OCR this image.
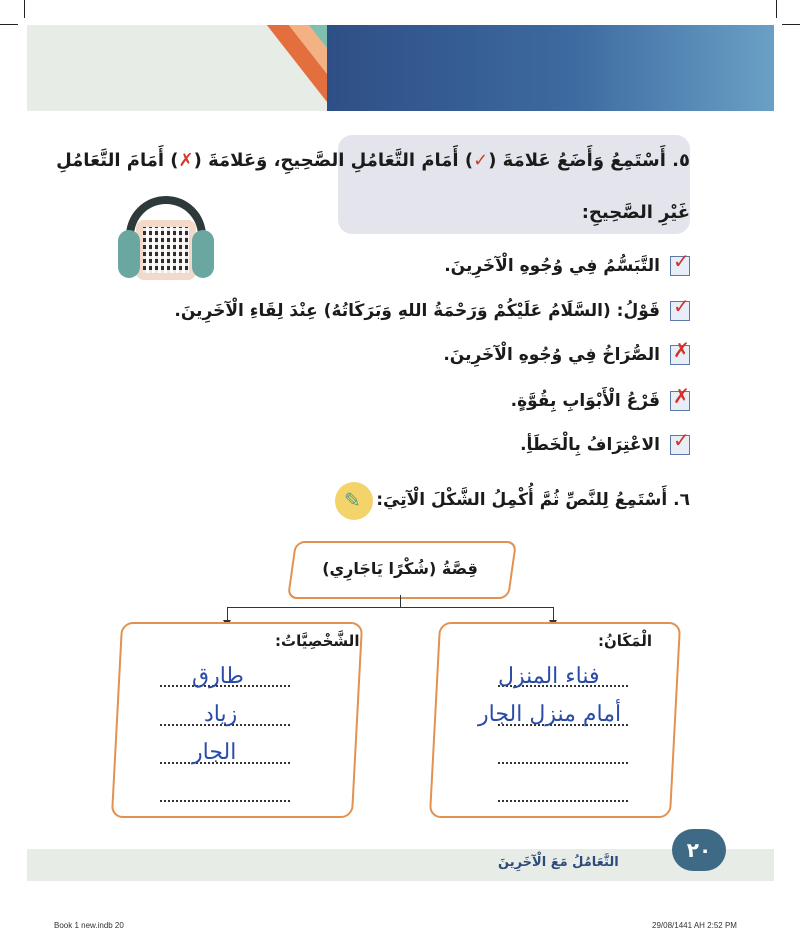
٥. أَسْتَمِعُ وَأَضَعُ عَلامَةَ (✓) أَمَامَ التَّعَامُلِ الصَّحِيحِ، وَعَلامَةَ (✗) أَمَامَ التَّعَامُلِ
غَيْرِ الصَّحِيحِ:
✓
التَّبَسُّمُ فِي وُجُوهِ الْآخَرِينَ.
✓
قَوْلُ: (السَّلَامُ عَلَيْكُمْ وَرَحْمَةُ اللهِ وَبَرَكَاتُهُ) عِنْدَ لِقَاءِ الْآخَرِينَ.
✗
الصُّرَاخُ فِي وُجُوهِ الْآخَرِينَ.
✗
قَرْعُ الْأَبْوَابِ بِقُوَّةٍ.
✓
الاعْتِرَافُ بِالْخَطَأِ.
✎ ٦. أَسْتَمِعُ لِلنَّصِّ ثُمَّ أُكْمِلُ الشَّكْلَ الْآتِيَ:
قِصَّةُ (شُكْرًا يَاجَارِي)
الشَّخْصِيَّاتُ:	الْمَكَانُ:
طارق
زياد
الجار
فناء المنزل
أمام منزل الجار
التَّعَامُلُ مَعَ الْآخَرِينَ
٢٠
Book 1 new.indb 20	29/08/1441 AH 2:52 PM
